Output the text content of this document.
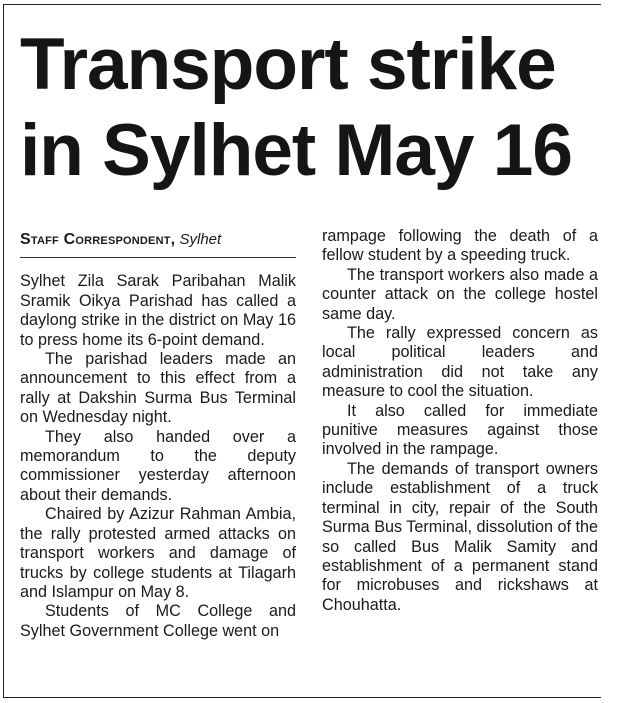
Transport strike
in Sylhet May 16
Staff Correspondent, Sylhet

Sylhet Zila Sarak Paribahan Malik Sramik Oikya Parishad has called a daylong strike in the district on May 16 to press home its 6-point demand.

The parishad leaders made an announcement to this effect from a rally at Dakshin Surma Bus Terminal on Wednesday night.

They also handed over a memorandum to the deputy commissioner yesterday afternoon about their demands.

Chaired by Azizur Rahman Ambia, the rally protested armed attacks on transport workers and damage of trucks by college students at Tilagarh and Islampur on May 8.

Students of MC College and Sylhet Government College went on

rampage following the death of a fellow student by a speeding truck.

The transport workers also made a counter attack on the college hostel same day.

The rally expressed concern as local political leaders and administration did not take any measure to cool the situation.

It also called for immediate punitive measures against those involved in the rampage.

The demands of transport owners include establishment of a truck terminal in city, repair of the South Surma Bus Terminal, dissolution of the so called Bus Malik Samity and establishment of a permanent stand for microbuses and rickshaws at Chouhatta.
